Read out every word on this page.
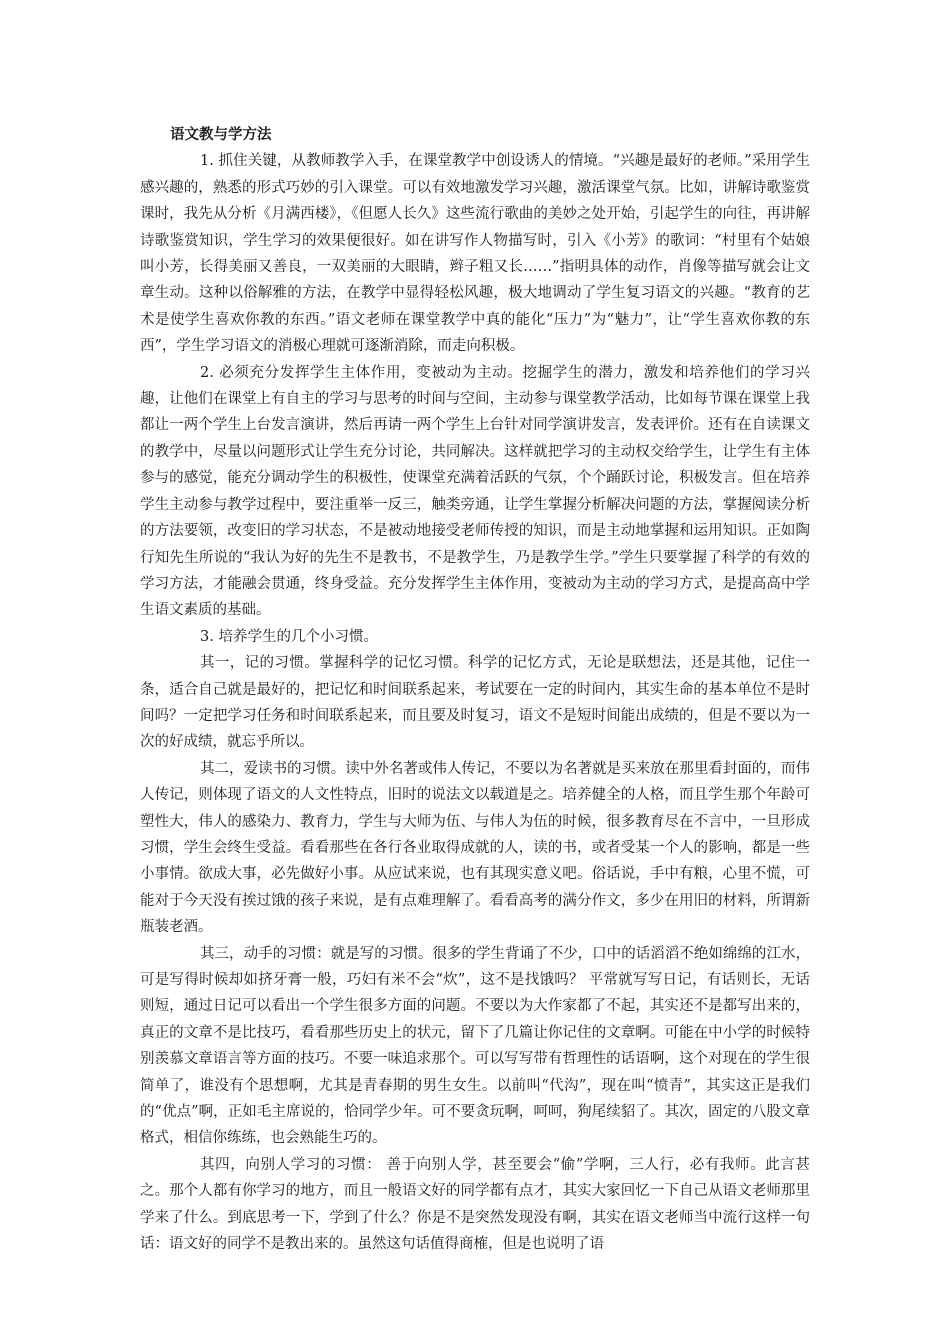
语文教与学方法

1. 抓住关键，从教师教学入手，在课堂教学中创设诱人的情境。“兴趣是最好的老师。”采用学生感兴趣的，熟悉的形式巧妙的引入课堂。可以有效地激发学习兴趣，激活课堂气氛。比如，讲解诗歌鉴赏课时，我先从分析《月满西楼》，《但愿人长久》这些流行歌曲的美妙之处开始，引起学生的向往，再讲解诗歌鉴赏知识，学生学习的效果便很好。如在讲写作人物描写时，引入《小芳》的歌词：“村里有个姑娘叫小芳，长得美丽又善良，一双美丽的大眼睛，辫子粗又长……”指明具体的动作，肖像等描写就会让文章生动。这种以俗解雅的方法，在教学中显得轻松风趣，极大地调动了学生复习语文的兴趣。“教育的艺术是使学生喜欢你教的东西。”语文老师在课堂教学中真的能化“压力”为“魅力”，让“学生喜欢你教的东西”，学生学习语文的消极心理就可逐渐消除，而走向积极。

2. 必须充分发挥学生主体作用，变被动为主动。挖掘学生的潜力，激发和培养他们的学习兴趣，让他们在课堂上有自主的学习与思考的时间与空间，主动参与课堂教学活动，比如每节课在课堂上我都让一两个学生上台发言演讲，然后再请一两个学生上台针对同学演讲发言，发表评价。还有在自读课文的教学中，尽量以问题形式让学生充分讨论，共同解决。这样就把学习的主动权交给学生，让学生有主体参与的感觉，能充分调动学生的积极性，使课堂充满着活跃的气氛，个个踊跃讨论，积极发言。但在培养学生主动参与教学过程中，要注重举一反三，触类旁通，让学生掌握分析解决问题的方法，掌握阅读分析的方法要领，改变旧的学习状态，不是被动地接受老师传授的知识，而是主动地掌握和运用知识。正如陶行知先生所说的“我认为好的先生不是教书，不是教学生，乃是教学生学。”学生只要掌握了科学的有效的学习方法，才能融会贯通，终身受益。充分发挥学生主体作用，变被动为主动的学习方式，是提高高中学生语文素质的基础。

3. 培养学生的几个小习惯。

其一，记的习惯。掌握科学的记忆习惯。科学的记忆方式，无论是联想法，还是其他，记住一条，适合自己就是最好的，把记忆和时间联系起来，考试要在一定的时间内，其实生命的基本单位不是时间吗？一定把学习任务和时间联系起来，而且要及时复习，语文不是短时间能出成绩的，但是不要以为一次的好成绩，就忘乎所以。

其二，爱读书的习惯。读中外名著或伟人传记，不要以为名著就是买来放在那里看封面的，而伟人传记，则体现了语文的人文性特点，旧时的说法文以载道是之。培养健全的人格，而且学生那个年龄可塑性大，伟人的感染力、教育力，学生与大师为伍、与伟人为伍的时候，很多教育尽在不言中，一旦形成习惯，学生会终生受益。看看那些在各行各业取得成就的人，读的书，或者受某一个人的影响，都是一些小事情。欲成大事，必先做好小事。从应试来说，也有其现实意义吧。俗话说，手中有粮，心里不慌，可能对于今天没有挨过饿的孩子来说，是有点难理解了。看看高考的满分作文，多少在用旧的材料，所谓新瓶装老酒。

其三，动手的习惯：就是写的习惯。很多的学生背诵了不少，口中的话滔滔不绝如绵绵的江水，可是写得时候却如挤牙膏一般，巧妇有米不会“炊”，这不是找饿吗？ 平常就写写日记，有话则长，无话则短，通过日记可以看出一个学生很多方面的问题。不要以为大作家都了不起，其实还不是都写出来的，真正的文章不是比技巧，看看那些历史上的状元，留下了几篇让你记住的文章啊。可能在中小学的时候特别羡慕文章语言等方面的技巧。不要一味追求那个。可以写写带有哲理性的话语啊，这个对现在的学生很简单了，谁没有个思想啊，尤其是青春期的男生女生。以前叫“代沟”，现在叫“愤青”，其实这正是我们的“优点”啊，正如毛主席说的，恰同学少年。可不要贪玩啊，呵呵，狗尾续貂了。其次，固定的八股文章格式，相信你练练，也会熟能生巧的。

其四，向别人学习的习惯： 善于向别人学，甚至要会“偷”学啊，三人行，必有我师。此言甚之。那个人都有你学习的地方，而且一般语文好的同学都有点才，其实大家回忆一下自己从语文老师那里学来了什么。到底思考一下，学到了什么？你是不是突然发现没有啊，其实在语文老师当中流行这样一句话：语文好的同学不是教出来的。虽然这句话值得商榷，但是也说明了语
